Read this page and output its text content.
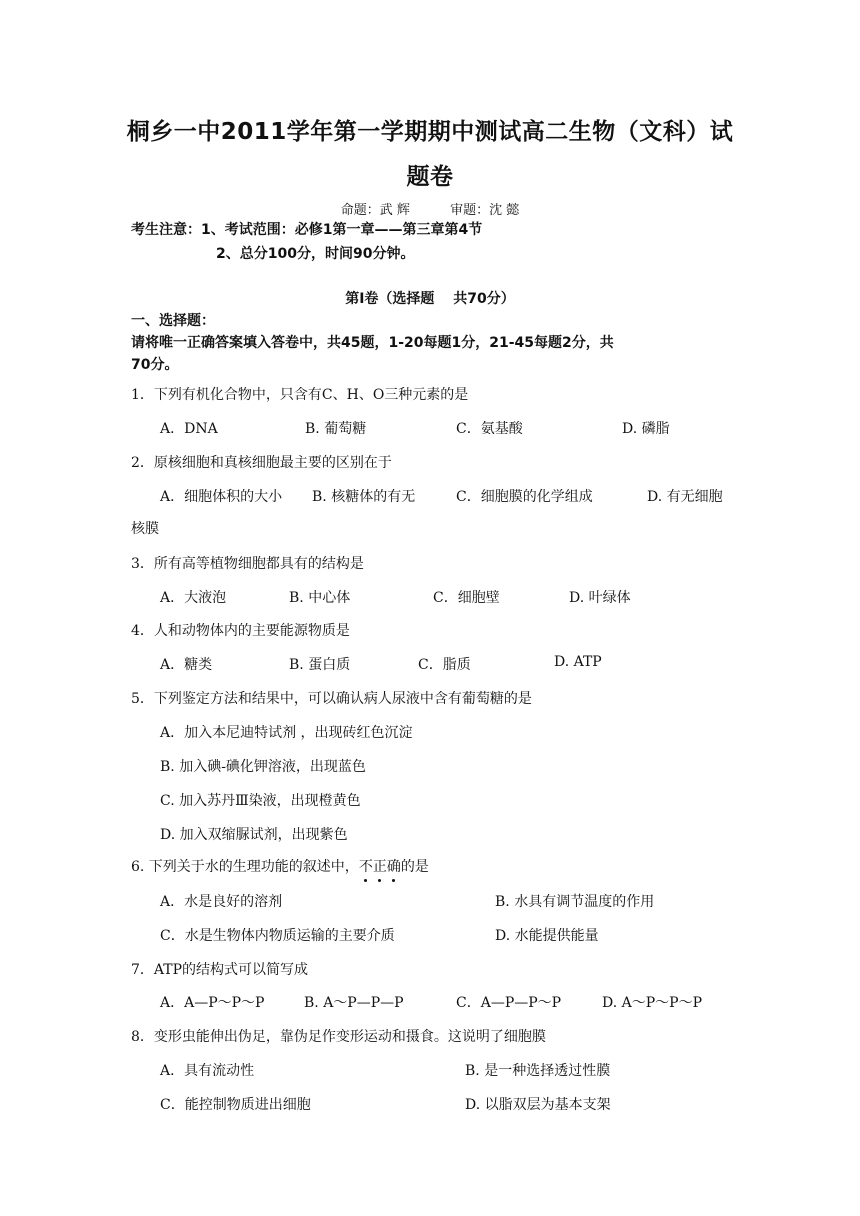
桐乡一中2011学年第一学期期中测试高二生物（文科）试
题卷
命题：武 辉	审题：沈 懿
考生注意：1、考试范围：必修1第一章——第三章第4节
2、总分100分，时间90分钟。
第Ⅰ卷（选择题　 共70分）
一、选择题：
请将唯一正确答案填入答卷中，共45题，1-20每题1分，21-45每题2分，共
70分。
1．下列有机化合物中，只含有C、H、O三种元素的是
A．DNA	B. 葡萄糖	C．氨基酸	D. 磷脂
2．原核细胞和真核细胞最主要的区别在于
A．细胞体积的大小 B. 核糖体的有无	C．细胞膜的化学组成	D. 有无细胞
核膜
3．所有高等植物细胞都具有的结构是
A．大液泡	B. 中心体	C．细胞壁	D. 叶绿体
4．人和动物体内的主要能源物质是
A．糖类	B. 蛋白质	C．脂质	D. ATP
5．下列鉴定方法和结果中，可以确认病人尿液中含有葡萄糖的是
A．加入本尼迪特试剂 ，出现砖红色沉淀
B. 加入碘-碘化钾溶液，出现蓝色
C. 加入苏丹Ⅲ染液，出现橙黄色
D. 加入双缩脲试剂，出现紫色
6. 下列关于水的生理功能的叙述中，不正确的是
A．水是良好的溶剂	B. 水具有调节温度的作用
C．水是生物体内物质运输的主要介质	D. 水能提供能量
7．ATP的结构式可以简写成
A．A—P～P～P	B. A～P—P—P	C．A—P—P～P	D. A～P～P～P
8．变形虫能伸出伪足，靠伪足作变形运动和摄食。这说明了细胞膜
A．具有流动性	B. 是一种选择透过性膜
C．能控制物质进出细胞	D. 以脂双层为基本支架
